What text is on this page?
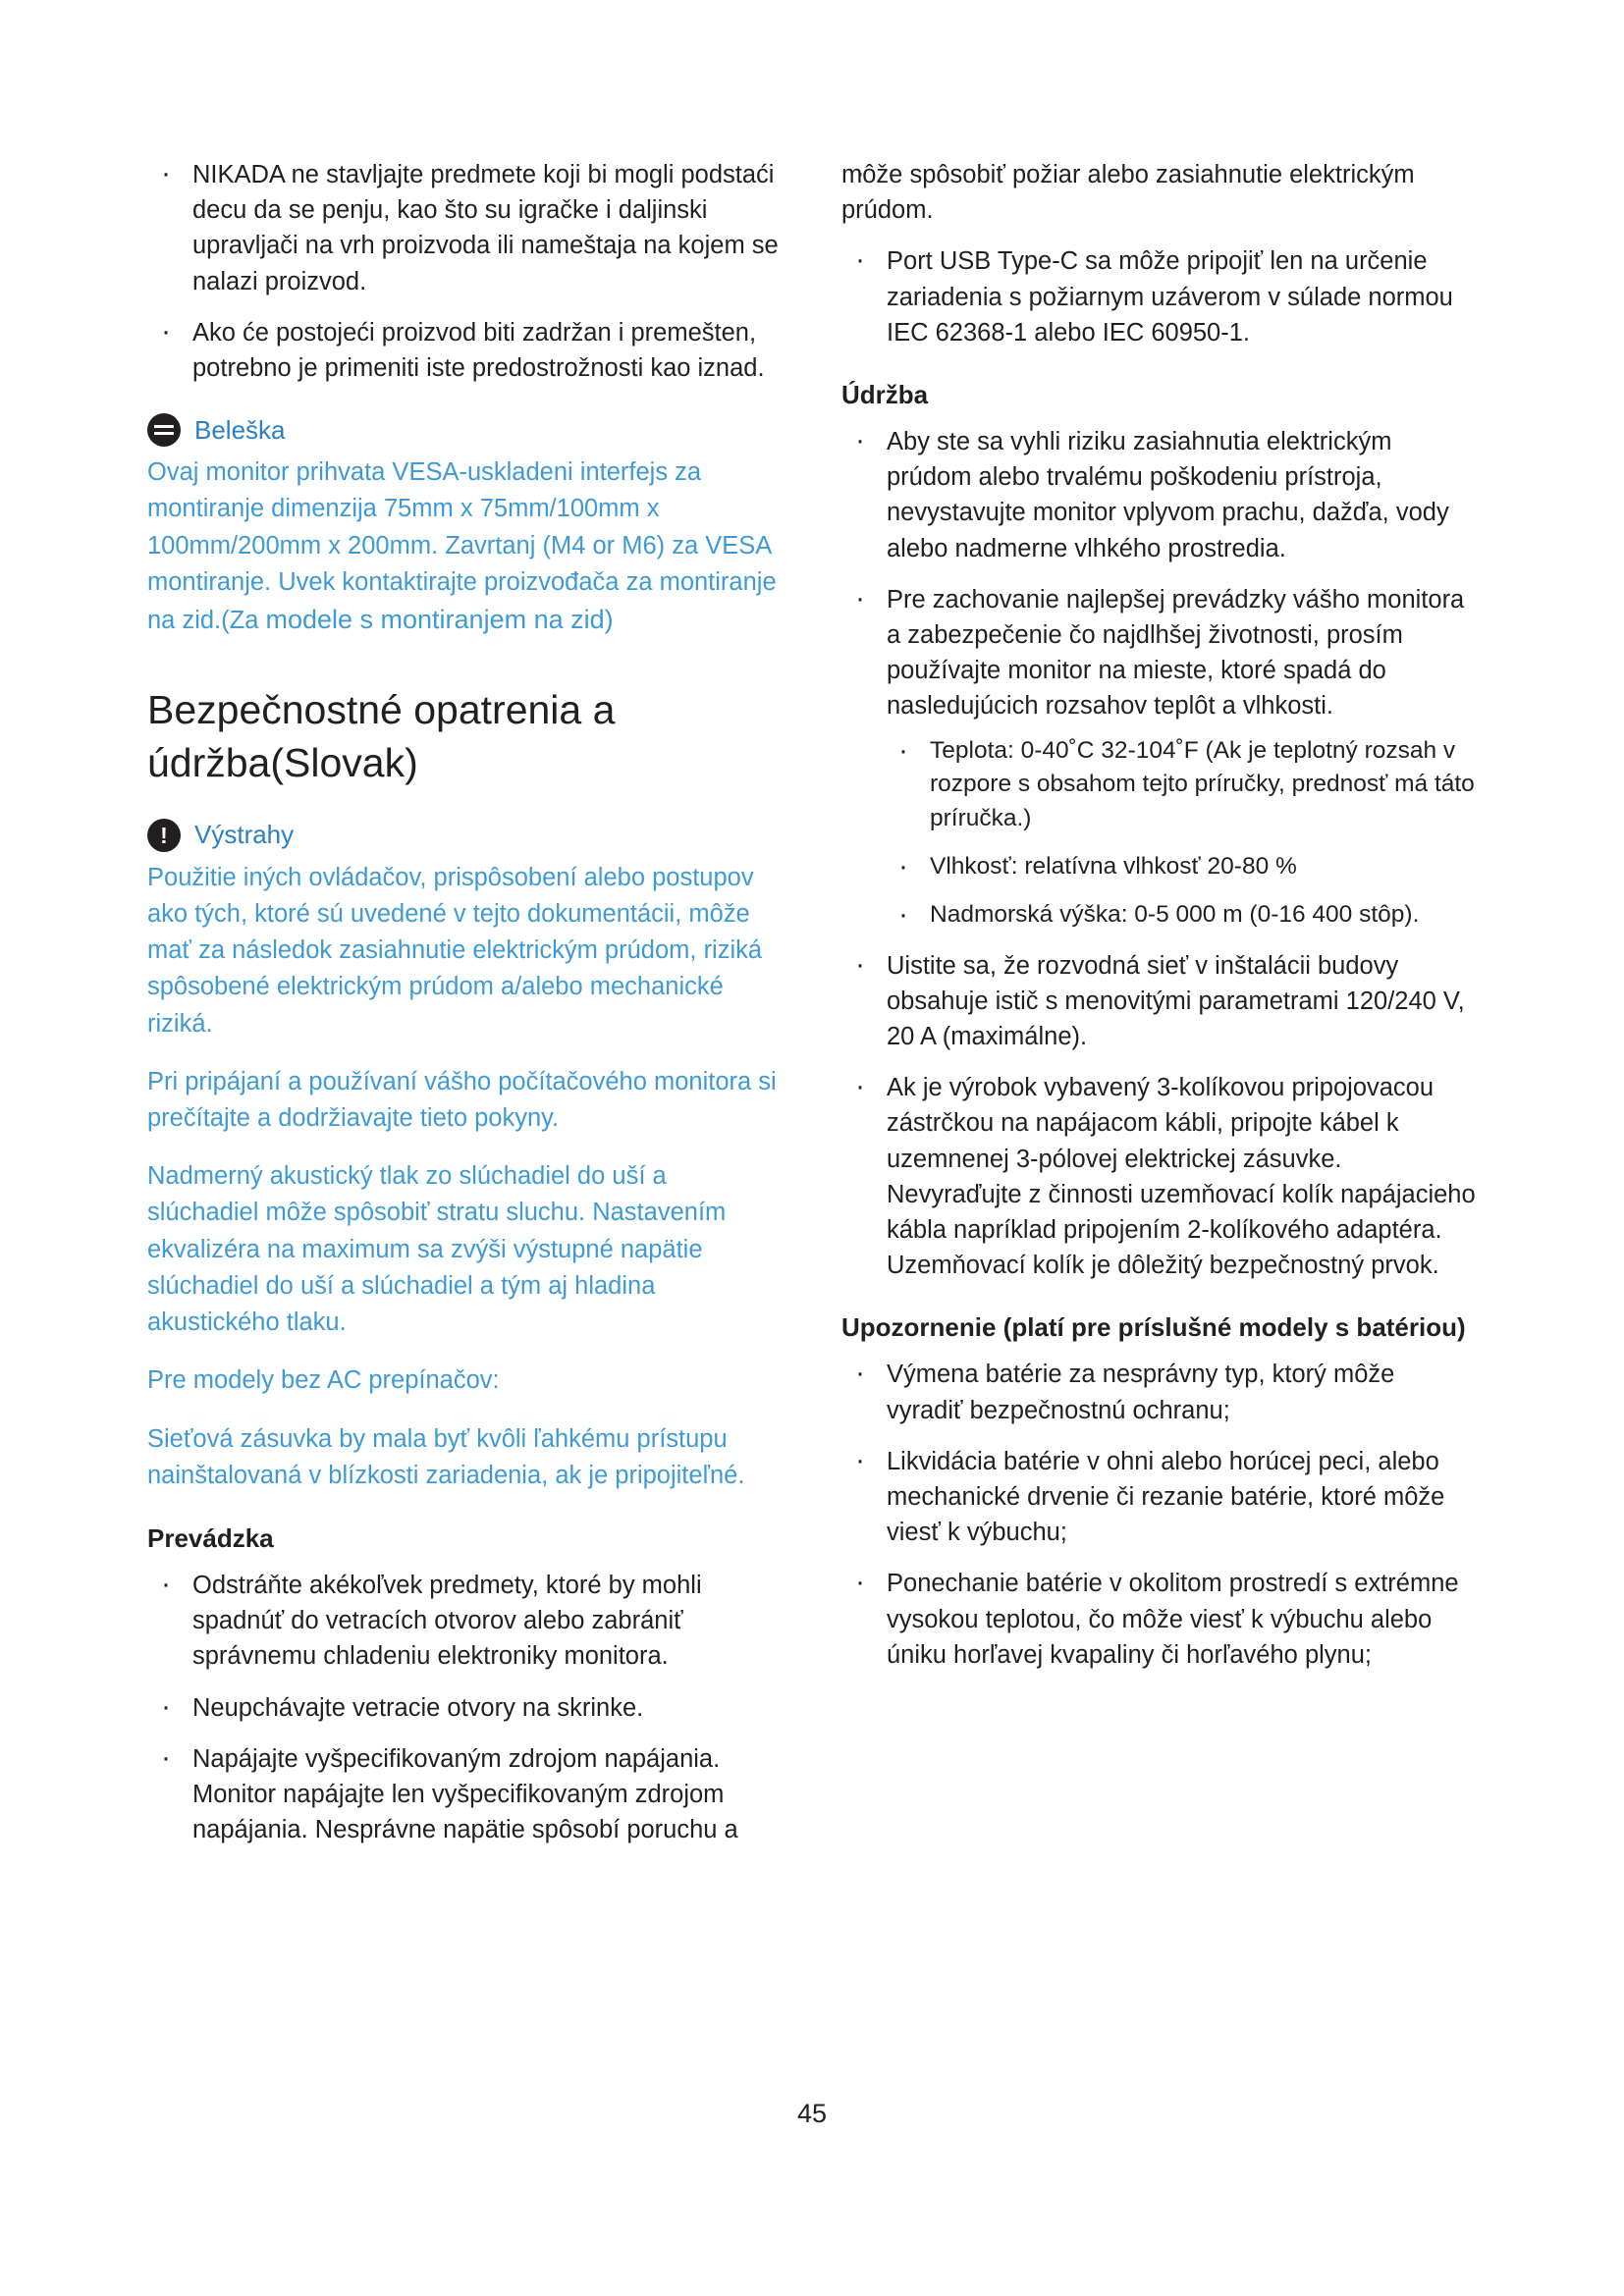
· NIKADA ne stavljajte predmete koji bi mogli podstaći decu da se penju, kao što su igračke i daljinski upravljači na vrh proizvoda ili nameštaja na kojem se nalazi proizvod.
· Ako će postojeći proizvod biti zadržan i premešten, potrebno je primeniti iste predostrožnosti kao iznad.
Beleška

Ovaj monitor prihvata VESA-uskladeni interfejs za montiranje dimenzija 75mm x 75mm/100mm x 100mm/200mm x 200mm. Zavrtanj (M4 or M6) za VESA montiranje. Uvek kontaktirajte proizvođača za montiranje na zid.(Za modele s montiranjem na zid)

Bezpečnostné opatrenia a údržba(Slovak)
!	Výstrahy

Použitie iných ovládačov, prispôsobení alebo postupov ako tých, ktoré sú uvedené v tejto dokumentácii, môže mať za následok zasiahnutie elektrickým prúdom, riziká spôsobené elektrickým prúdom a/alebo mechanické riziká.

Pri pripájaní a používaní vášho počítačového monitora si prečítajte a dodržiavajte tieto pokyny.

Nadmerný akustický tlak zo slúchadiel do uší a slúchadiel môže spôsobiť stratu sluchu. Nastavením ekvalizéra na maximum sa zvýši výstupné napätie slúchadiel do uší a slúchadiel a tým aj hladina akustického tlaku.

Pre modely bez AC prepínačov:

Sieťová zásuvka by mala byť kvôli ľahkému prístupu nainštalovaná v blízkosti zariadenia, ak je pripojiteľné.

Prevádzka
· Odstráňte akékoľvek predmety, ktoré by mohli spadnúť do vetracích otvorov alebo zabrániť správnemu chladeniu elektroniky monitora.
· Neupchávajte vetracie otvory na skrinke.
· Napájajte vyšpecifikovaným zdrojom napájania. Monitor napájajte len vyšpecifikovaným zdrojom napájania. Nesprávne napätie spôsobí poruchu a
· môže spôsobiť požiar alebo zasiahnutie elektrickým prúdom.
· Port USB Type-C sa môže pripojiť len na určenie zariadenia s požiarnym uzáverom v súlade normou IEC 62368-1 alebo IEC 60950-1.
Údržba
· Aby ste sa vyhli riziku zasiahnutia elektrickým prúdom alebo trvalému poškodeniu prístroja, nevystavujte monitor vplyvom prachu, dažďa, vody alebo nadmerne vlhkého prostredia.
· Pre zachovanie najlepšej prevádzky vášho monitora a zabezpečenie čo najdlhšej životnosti, prosím používajte monitor na mieste, ktoré spadá do nasledujúcich rozsahov teplôt a vlhkosti.
· Teplota: 0-40˚C 32-104˚F (Ak je teplotný rozsah v rozpore s obsahom tejto príručky, prednosť má táto príručka.)
· Vlhkosť: relatívna vlhkosť 20-80 %
· Nadmorská výška: 0-5 000 m (0-16 400 stôp).
· Uistite sa, že rozvodná sieť v inštalácii budovy obsahuje istič s menovitými parametrami 120/240 V, 20 A (maximálne).
· Ak je výrobok vybavený 3-kolíkovou pripojovacou zástrčkou na napájacom kábli, pripojte kábel k uzemnenej 3-pólovej elektrickej zásuvke. Nevyraďujte z činnosti uzemňovací kolík napájacieho kábla napríklad pripojením 2-kolíkového adaptéra. Uzemňovací kolík je dôležitý bezpečnostný prvok.
Upozornenie (platí pre príslušné modely s batériou)
· Výmena batérie za nesprávny typ, ktorý môže vyradiť bezpečnostnú ochranu;
· Likvidácia batérie v ohni alebo horúcej peci, alebo mechanické drvenie či rezanie batérie, ktoré môže viesť k výbuchu;
· Ponechanie batérie v okolitom prostredí s extrémne vysokou teplotou, čo môže viesť k výbuchu alebo úniku horľavej kvapaliny či horľavého plynu;
45
